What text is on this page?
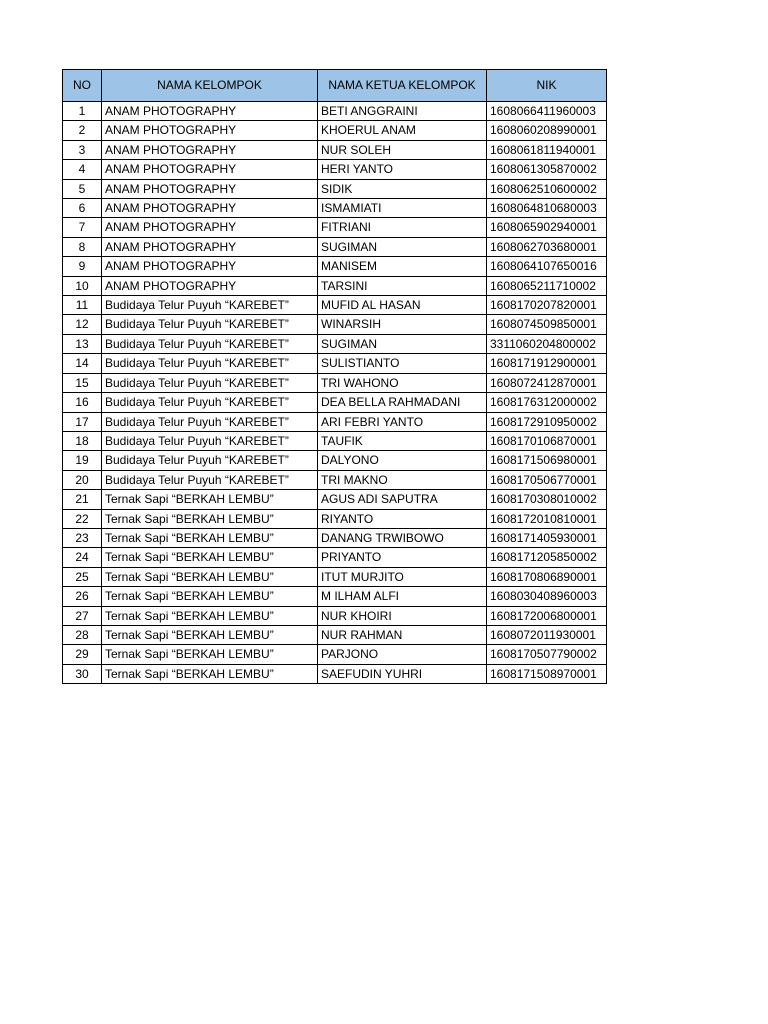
NO	NAMA KELOMPOK	NAMA KETUA KELOMPOK	NIK
1	ANAM PHOTOGRAPHY	BETI ANGGRAINI	1608066411960003
2	ANAM PHOTOGRAPHY	KHOERUL ANAM	1608060208990001
3	ANAM PHOTOGRAPHY	NUR SOLEH	1608061811940001
4	ANAM PHOTOGRAPHY	HERI YANTO	1608061305870002
5	ANAM PHOTOGRAPHY	SIDIK	1608062510600002
6	ANAM PHOTOGRAPHY	ISMAMIATI	1608064810680003
7	ANAM PHOTOGRAPHY	FITRIANI	1608065902940001
8	ANAM PHOTOGRAPHY	SUGIMAN	1608062703680001
9	ANAM PHOTOGRAPHY	MANISEM	1608064107650016
10	ANAM PHOTOGRAPHY	TARSINI	1608065211710002
11	Budidaya Telur Puyuh “KAREBET”	MUFID AL HASAN	1608170207820001
12	Budidaya Telur Puyuh “KAREBET”	WINARSIH	1608074509850001
13	Budidaya Telur Puyuh “KAREBET”	SUGIMAN	3311060204800002
14	Budidaya Telur Puyuh “KAREBET”	SULISTIANTO	1608171912900001
15	Budidaya Telur Puyuh “KAREBET”	TRI WAHONO	1608072412870001
16	Budidaya Telur Puyuh “KAREBET”	DEA BELLA RAHMADANI	1608176312000002
17	Budidaya Telur Puyuh “KAREBET”	ARI FEBRI YANTO	1608172910950002
18	Budidaya Telur Puyuh “KAREBET”	TAUFIK	1608170106870001
19	Budidaya Telur Puyuh “KAREBET”	DALYONO	1608171506980001
20	Budidaya Telur Puyuh “KAREBET”	TRI MAKNO	1608170506770001
21	Ternak Sapi “BERKAH LEMBU”	AGUS ADI SAPUTRA	1608170308010002
22	Ternak Sapi “BERKAH LEMBU”	RIYANTO	1608172010810001
23	Ternak Sapi “BERKAH LEMBU”	DANANG TRWIBOWO	1608171405930001
24	Ternak Sapi “BERKAH LEMBU”	PRIYANTO	1608171205850002
25	Ternak Sapi “BERKAH LEMBU”	ITUT MURJITO	1608170806890001
26	Ternak Sapi “BERKAH LEMBU”	M ILHAM ALFI	1608030408960003
27	Ternak Sapi “BERKAH LEMBU”	NUR KHOIRI	1608172006800001
28	Ternak Sapi “BERKAH LEMBU”	NUR RAHMAN	1608072011930001
29	Ternak Sapi “BERKAH LEMBU”	PARJONO	1608170507790002
30	Ternak Sapi “BERKAH LEMBU”	SAEFUDIN YUHRI	1608171508970001
